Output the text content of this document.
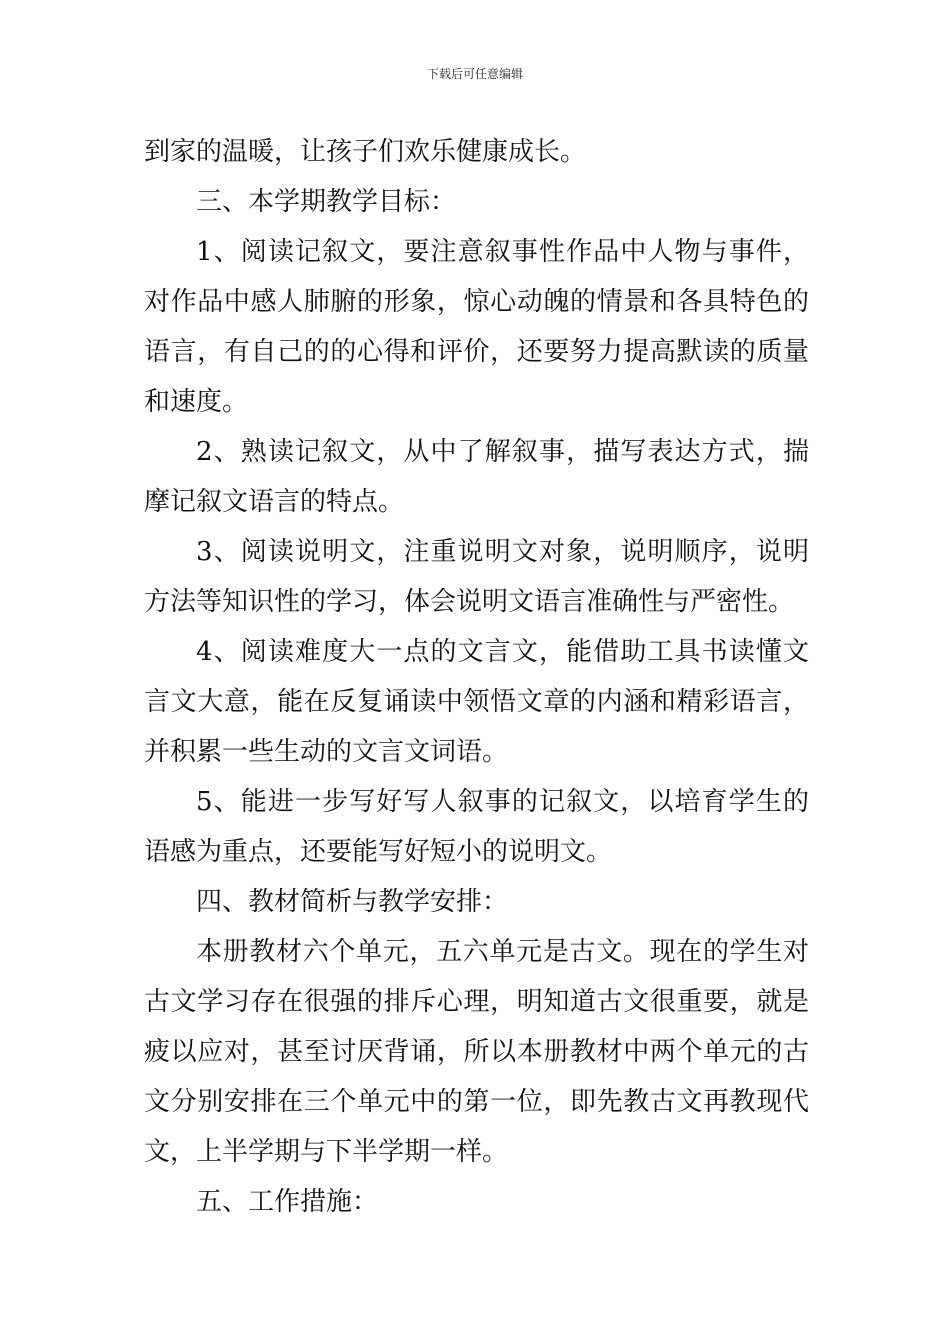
下载后可任意编辑

到家的温暖，让孩子们欢乐健康成长。

三、本学期教学目标：

1、阅读记叙文，要注意叙事性作品中人物与事件，对作品中感人肺腑的形象，惊心动魄的情景和各具特色的语言，有自己的的心得和评价，还要努力提高默读的质量和速度。

2、熟读记叙文，从中了解叙事，描写表达方式，揣摩记叙文语言的特点。

3、阅读说明文，注重说明文对象，说明顺序，说明方法等知识性的学习，体会说明文语言准确性与严密性。

4、阅读难度大一点的文言文，能借助工具书读懂文言文大意，能在反复诵读中领悟文章的内涵和精彩语言，并积累一些生动的文言文词语。

5、能进一步写好写人叙事的记叙文，以培育学生的语感为重点，还要能写好短小的说明文。

四、教材简析与教学安排：

本册教材六个单元，五六单元是古文。现在的学生对古文学习存在很强的排斥心理，明知道古文很重要，就是疲以应对，甚至讨厌背诵，所以本册教材中两个单元的古文分别安排在三个单元中的第一位，即先教古文再教现代文，上半学期与下半学期一样。

五、工作措施：
